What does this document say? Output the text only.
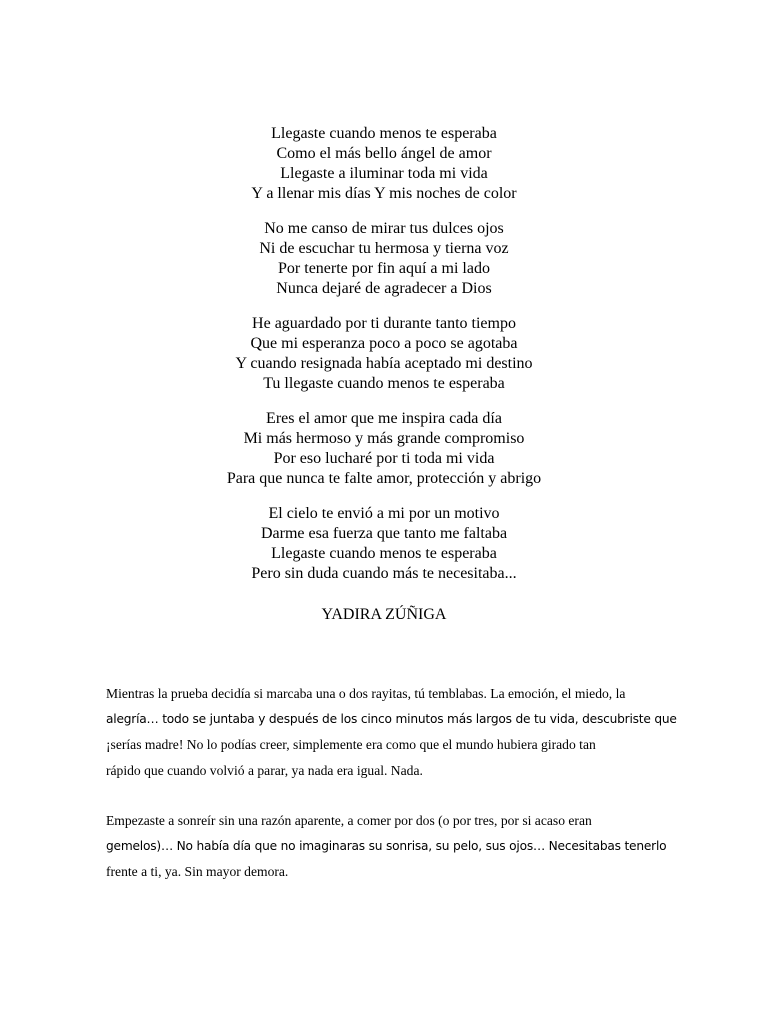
Llegaste cuando menos te esperaba
Como el más bello ángel de amor
Llegaste a iluminar toda mi vida
Y a llenar mis días Y mis noches de color
No me canso de mirar tus dulces ojos
Ni de escuchar tu hermosa y tierna voz
Por tenerte por fin aquí a mi lado
Nunca dejaré de agradecer a Dios
He aguardado por ti durante tanto tiempo
Que mi esperanza poco a poco se agotaba
Y cuando resignada había aceptado mi destino
Tu llegaste cuando menos te esperaba
Eres el amor que me inspira cada día
Mi más hermoso y más grande compromiso
Por eso lucharé por ti toda mi vida
Para que nunca te falte amor, protección y abrigo
El cielo te envió a mi por un motivo
Darme esa fuerza que tanto me faltaba
Llegaste cuando menos te esperaba
Pero sin duda cuando más te necesitaba...
YADIRA ZÚÑIGA

Mientras la prueba decidía si marcaba una o dos rayitas, tú temblabas. La emoción, el miedo, la
alegría… todo se juntaba y después de los cinco minutos más largos de tu vida, descubriste que
¡serías madre! No lo podías creer, simplemente era como que el mundo hubiera girado tan
rápido que cuando volvió a parar, ya nada era igual. Nada.

Empezaste a sonreír sin una razón aparente, a comer por dos (o por tres, por si acaso eran
gemelos)… No había día que no imaginaras su sonrisa, su pelo, sus ojos… Necesitabas tenerlo
frente a ti, ya. Sin mayor demora.
